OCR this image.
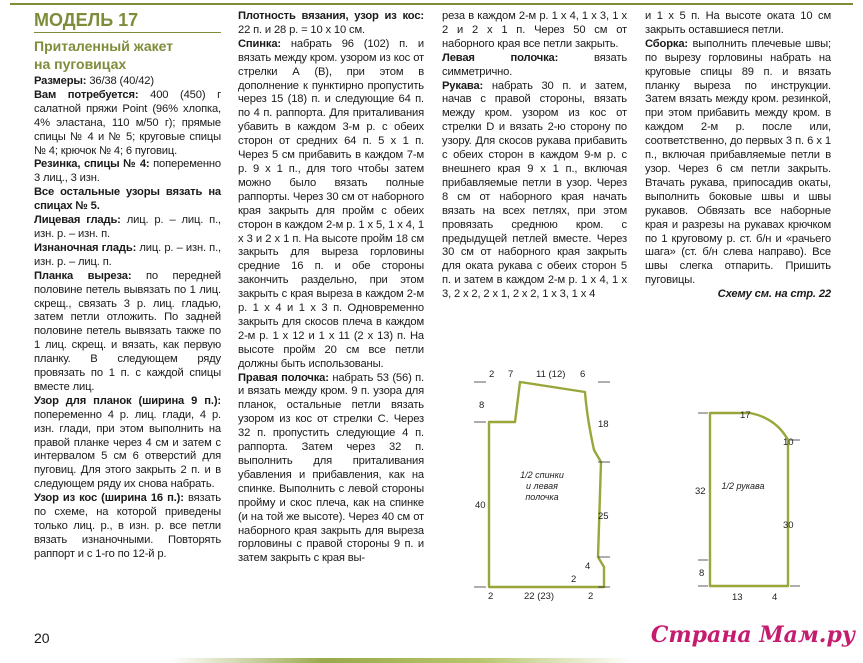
МОДЕЛЬ 17
Приталенный жакет
на пуговицах

Размеры: 36/38 (40/42)

Вам потребуется: 400 (450) г салатной пряжи Point (96% хлопка, 4% эластана, 110 м/50 г); прямые спицы № 4 и № 5; круговые спицы № 4; крючок № 4; 6 пуговиц.

Резинка, спицы № 4: попеременно 3 лиц., 3 изн.

Все остальные узоры вязать на спицах № 5.

Лицевая гладь: лиц. р. – лиц. п., изн. р. – изн. п.

Изнаночная гладь: лиц. р. – изн. п., изн. р. – лиц. п.

Планка выреза: по передней половине петель вывязать по 1 лиц. скрещ., связать 3 р. лиц. гладью, затем петли отложить. По задней половине петель вывязать также по 1 лиц. скрещ. и вязать, как первую планку. В следующем ряду провязать по 1 п. с каждой спицы вместе лиц.

Узор для планок (ширина 9 п.): попеременно 4 р. лиц. глади, 4 р. изн. глади, при этом выполнить на правой планке через 4 см и затем с интервалом 5 см 6 отверстий для пуговиц. Для этого закрыть 2 п. и в следующем ряду их снова набрать.

Узор из кос (ширина 16 п.): вязать по схеме, на которой приведены только лиц. р., в изн. р. все петли вязать изнаночными. Повторять раппорт и с 1-го по 12-й р.

Плотность вязания, узор из кос: 22 п. и 28 р. = 10 х 10 см.

Спинка: набрать 96 (102) п. и вязать между кром. узором из кос от стрелки А (В), при этом в дополнение к пунктирно пропустить через 15 (18) п. и следующие 64 п. по 4 п. раппорта. Для приталивания убавить в каждом 3-м р. с обеих сторон от средних 64 п. 5 х 1 п. Через 5 см прибавить в каждом 7-м р. 9 х 1 п., для того чтобы затем можно было вязать полные раппорты. Через 30 см от наборного края закрыть для пройм с обеих сторон в каждом 2-м р. 1 х 5, 1 х 4, 1 х 3 и 2 х 1 п. На высоте пройм 18 см закрыть для выреза горловины средние 16 п. и обе стороны закончить раздельно, при этом закрыть с края выреза в каждом 2-м р. 1 х 4 и 1 х 3 п. Одновременно закрыть для скосов плеча в каждом 2-м р. 1 х 12 и 1 х 11 (2 х 13) п. На высоте пройм 20 см все петли должны быть использованы.

Правая полочка: набрать 53 (56) п. и вязать между кром. 9 п. узора для планок, остальные петли вязать узором из кос от стрелки С. Через 32 п. пропустить следующие 4 п. раппорта. Затем через 32 п. выполнить для приталивания убавления и прибавления, как на спинке. Выполнить с левой стороны пройму и скос плеча, как на спинке (и на той же высоте). Через 40 см от наборного края закрыть для выреза горловины с правой стороны 9 п. и затем закрыть с края вы-

реза в каждом 2-м р. 1 х 4, 1 х 3, 1 х 2 и 2 х 1 п. Через 50 см от наборного края все петли закрыть.

Левая полочка: вязать симметрично.

Рукава: набрать 30 п. и затем, начав с правой стороны, вязать между кром. узором из кос от стрелки D и вязать 2-ю сторону по узору. Для скосов рукава прибавить с обеих сторон в каждом 9-м р. с внешнего края 9 х 1 п., включая прибавляемые петли в узор. Через 8 см от наборного края начать вязать на всех петлях, при этом провязать среднюю кром. с предыдущей петлей вместе. Через 30 см от наборного края закрыть для оката рукава с обеих сторон 5 п. и затем в каждом 2-м р. 1 х 4, 1 х 3, 2 х 2, 2 х 1, 2 х 2, 1 х 3, 1 х 4

и 1 х 5 п. На высоте оката 10 см закрыть оставшиеся петли.

Сборка: выполнить плечевые швы; по вырезу горловины набрать на круговые спицы 89 п. и вязать планку выреза по инструкции. Затем вязать между кром. резинкой, при этом прибавить между кром. в каждом 2-м р. после или, соответственно, до первых 3 п. 6 х 1 п., включая прибавляемые петли в узор. Через 6 см петли закрыть. Втачать рукава, припосадив окаты, выполнить боковые швы и швы рукавов. Обвязать все наборные края и разрезы на рукавах крючком по 1 круговому р. ст. б/н и «рачьего шага» (ст. б/н слева направо). Все швы слегка отпарить. Пришить пуговицы.

Схему см. на стр. 22

2 7 11 (12) 6
8
18
40
25
4
2
2	22 (23)	2
1/2 спинки
и левая
полочка
17
10
32
30
8
13	4
1/2 рукава
20	Страна Мам.ру
